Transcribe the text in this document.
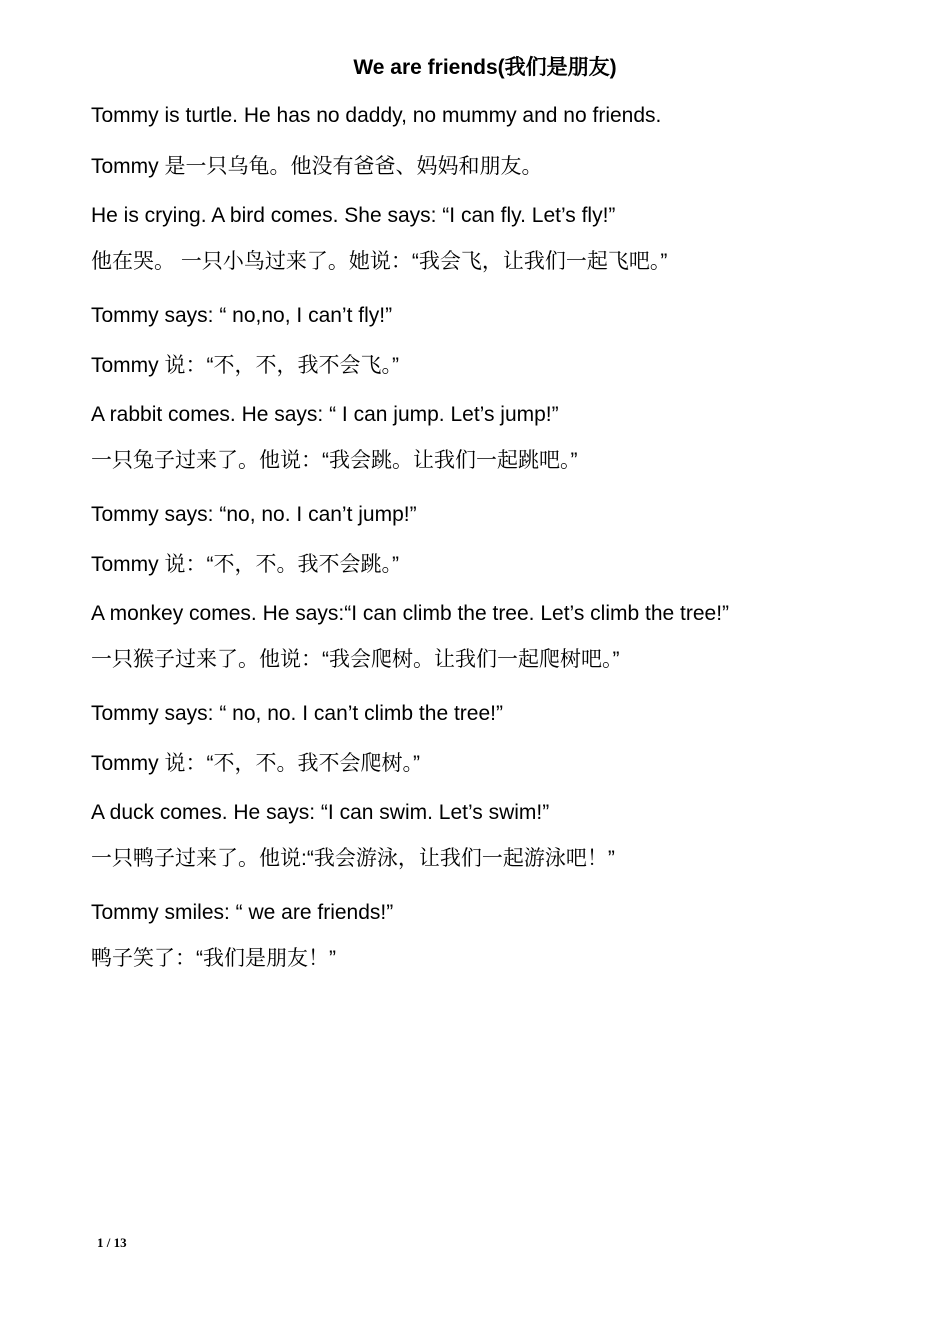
We are friends(我们是朋友)
Tommy is turtle. He has no daddy, no mummy and no friends.
Tommy 是一只乌龟。他没有爸爸、妈妈和朋友。
He is crying. A bird comes. She says: “I can fly. Let’s fly!”
他在哭。 一只小鸟过来了。她说：“我会飞，让我们一起飞吧。”
Tommy says: “ no,no, I can’t fly!”
Tommy 说：“不，不，我不会飞。”
A rabbit comes. He says: “ I can jump. Let’s jump!”
一只兔子过来了。他说：“我会跳。让我们一起跳吧。”
Tommy says: “no, no. I can’t jump!”
Tommy 说：“不，不。我不会跳。”
A monkey comes. He says:“I can climb the tree. Let’s climb the tree!”
一只猴子过来了。他说：“我会爬树。让我们一起爬树吧。”
Tommy says: “ no, no. I can’t climb the tree!”
Tommy 说：“不，不。我不会爬树。”
A duck comes. He says: “I can swim. Let’s swim!”
一只鸭子过来了。他说:“我会游泳，让我们一起游泳吧！”
Tommy smiles: “ we are friends!”
鸭子笑了：“我们是朋友！”
1 / 13
